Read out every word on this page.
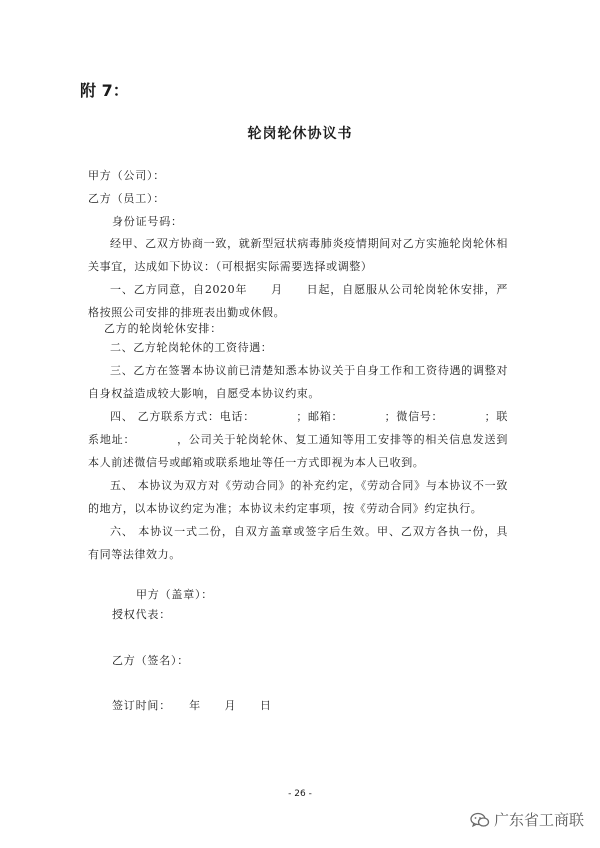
附 7：
轮岗轮休协议书
甲方（公司）：
乙方（员工）：
身份证号码：
经甲、乙双方协商一致，就新型冠状病毒肺炎疫情期间对乙方实施轮岗轮休相关事宜，达成如下协议：（可根据实际需要选择或调整）
一、乙方同意，自2020年　　月　　日起，自愿服从公司轮岗轮休安排，严格按照公司安排的排班表出勤或休假。
乙方的轮岗轮休安排：
二、乙方轮岗轮休的工资待遇：
三、乙方在签署本协议前已清楚知悉本协议关于自身工作和工资待遇的调整对自身权益造成较大影响，自愿受本协议约束。
四、 乙方联系方式：电话：　　　　；邮箱：　　　　；微信号：　　　　；联系地址：　　　　，公司关于轮岗轮休、复工通知等用工安排等的相关信息发送到本人前述微信号或邮箱或联系地址等任一方式即视为本人已收到。
五、 本协议为双方对《劳动合同》的补充约定，《劳动合同》与本协议不一致的地方，以本协议约定为准；本协议未约定事项，按《劳动合同》约定执行。
六、 本协议一式二份，自双方盖章或签字后生效。甲、乙双方各执一份，具有同等法律效力。
甲方（盖章）：
授权代表：
乙方（签名）：
签订时间：　　年　　月　　日
- 26 -
广东省工商联
